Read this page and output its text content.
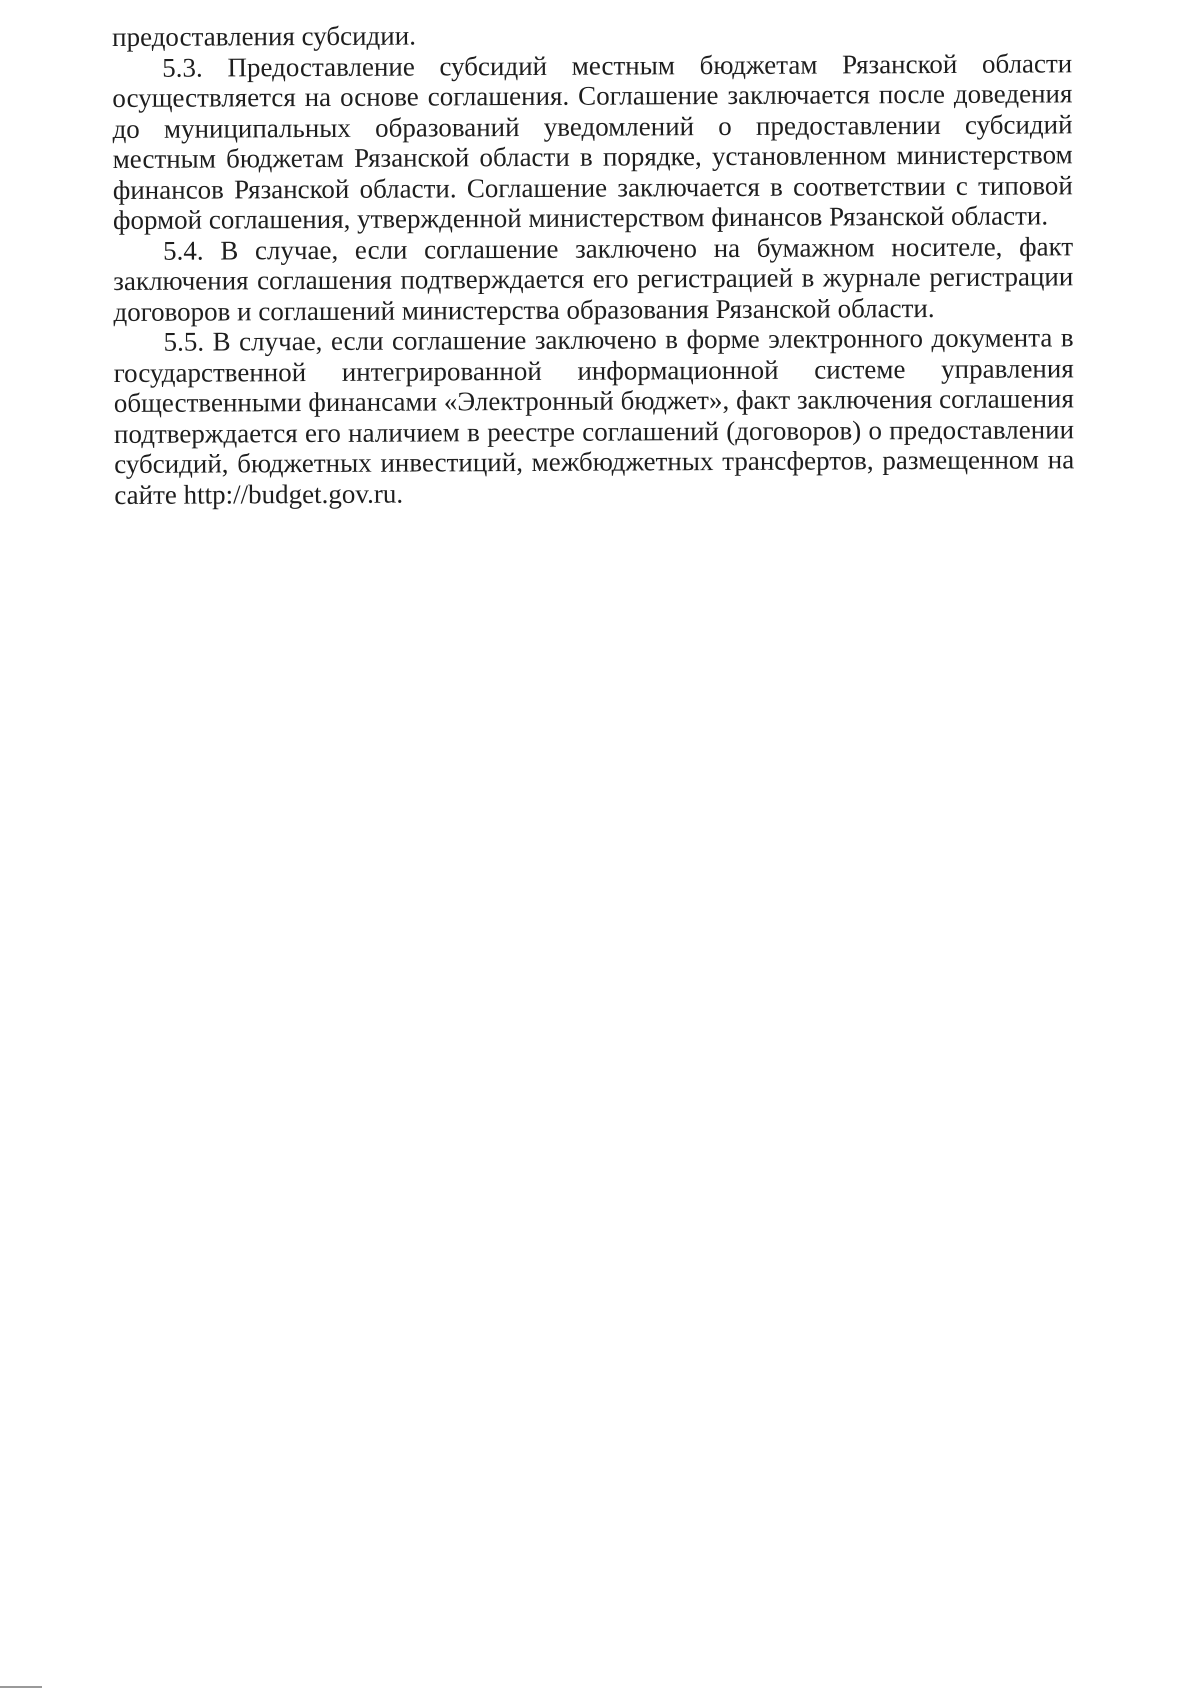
предоставления субсидии.

5.3. Предоставление субсидий местным бюджетам Рязанской области осуществляется на основе соглашения. Соглашение заключается после доведения до муниципальных образований уведомлений о предоставлении субсидий местным бюджетам Рязанской области в порядке, установленном министерством финансов Рязанской области. Соглашение заключается в соответствии с типовой формой соглашения, утвержденной министерством финансов Рязанской области.

5.4. В случае, если соглашение заключено на бумажном носителе, факт заключения соглашения подтверждается его регистрацией в журнале регистрации договоров и соглашений министерства образования Рязанской области.

5.5. В случае, если соглашение заключено в форме электронного документа в государственной интегрированной информационной системе управления общественными финансами «Электронный бюджет», факт заключения соглашения подтверждается его наличием в реестре соглашений (договоров) о предоставлении субсидий, бюджетных инвестиций, межбюджетных трансфертов, размещенном на сайте http://budget.gov.ru.
